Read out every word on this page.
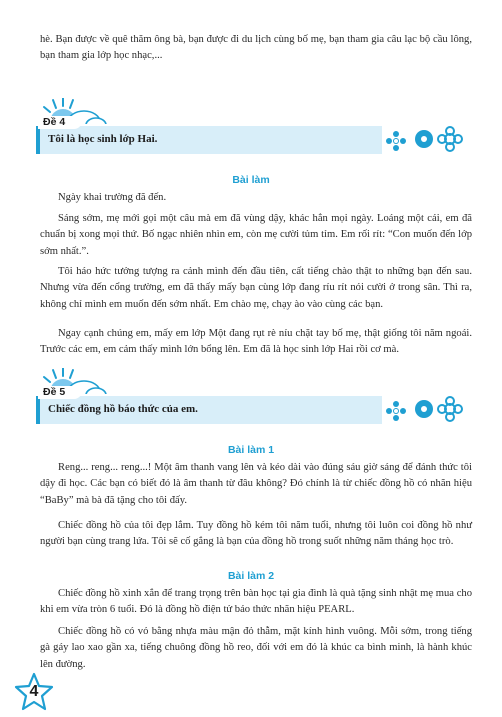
hè. Bạn được về quê thăm ông bà, bạn được đi du lịch cùng bố mẹ, bạn tham gia câu lạc bộ cầu lông, bạn tham gia lớp học nhạc,...

Tôi là học sinh lớp Hai.
Đề 4
Bài làm

Ngày khai trường đã đến.

Sáng sớm, mẹ mới gọi một câu mà em đã vùng dậy, khác hẳn mọi ngày. Loáng một cái, em đã chuẩn bị xong mọi thứ. Bố ngạc nhiên nhìn em, còn mẹ cười tủm tỉm. Em rối rít: “Con muốn đến lớp sớm nhất.”.

Tôi háo hức tưởng tượng ra cảnh mình đến đầu tiên, cất tiếng chào thật to những bạn đến sau. Nhưng vừa đến cổng trường, em đã thấy mấy bạn cùng lớp đang ríu rít nói cười ở trong sân. Thì ra, không chỉ mình em muốn đến sớm nhất. Em chào mẹ, chạy ào vào cùng các bạn.

Ngay cạnh chúng em, mấy em lớp Một đang rụt rè níu chặt tay bố mẹ, thật giống tôi năm ngoái. Trước các em, em cảm thấy mình lớn bổng lên. Em đã là học sinh lớp Hai rồi cơ mà.

Chiếc đồng hồ báo thức của em.
Đề 5
Bài làm 1

Reng... reng... reng...! Một âm thanh vang lên và kéo dài vào đúng sáu giờ sáng để đánh thức tôi dậy đi học. Các bạn có biết đó là âm thanh từ đâu không? Đó chính là từ chiếc đồng hồ có nhãn hiệu “BaBy” mà bà đã tặng cho tôi đấy.

Chiếc đồng hồ của tôi đẹp lắm. Tuy đồng hồ kém tôi năm tuổi, nhưng tôi luôn coi đồng hồ như người bạn cùng trang lứa. Tôi sẽ cố gắng là bạn của đồng hồ trong suốt những năm tháng học trò.

Bài làm 2

Chiếc đồng hồ xinh xắn để trang trọng trên bàn học tại gia đình là quà tặng sinh nhật mẹ mua cho khi em vừa tròn 6 tuổi. Đó là đồng hồ điện tử báo thức nhãn hiệu PEARL.

Chiếc đồng hồ có vỏ bằng nhựa màu mận đỏ thẫm, mặt kính hình vuông. Mỗi sớm, trong tiếng gà gáy lao xao gần xa, tiếng chuông đồng hồ reo, đối với em đó là khúc ca bình minh, là hành khúc lên đường.

4
